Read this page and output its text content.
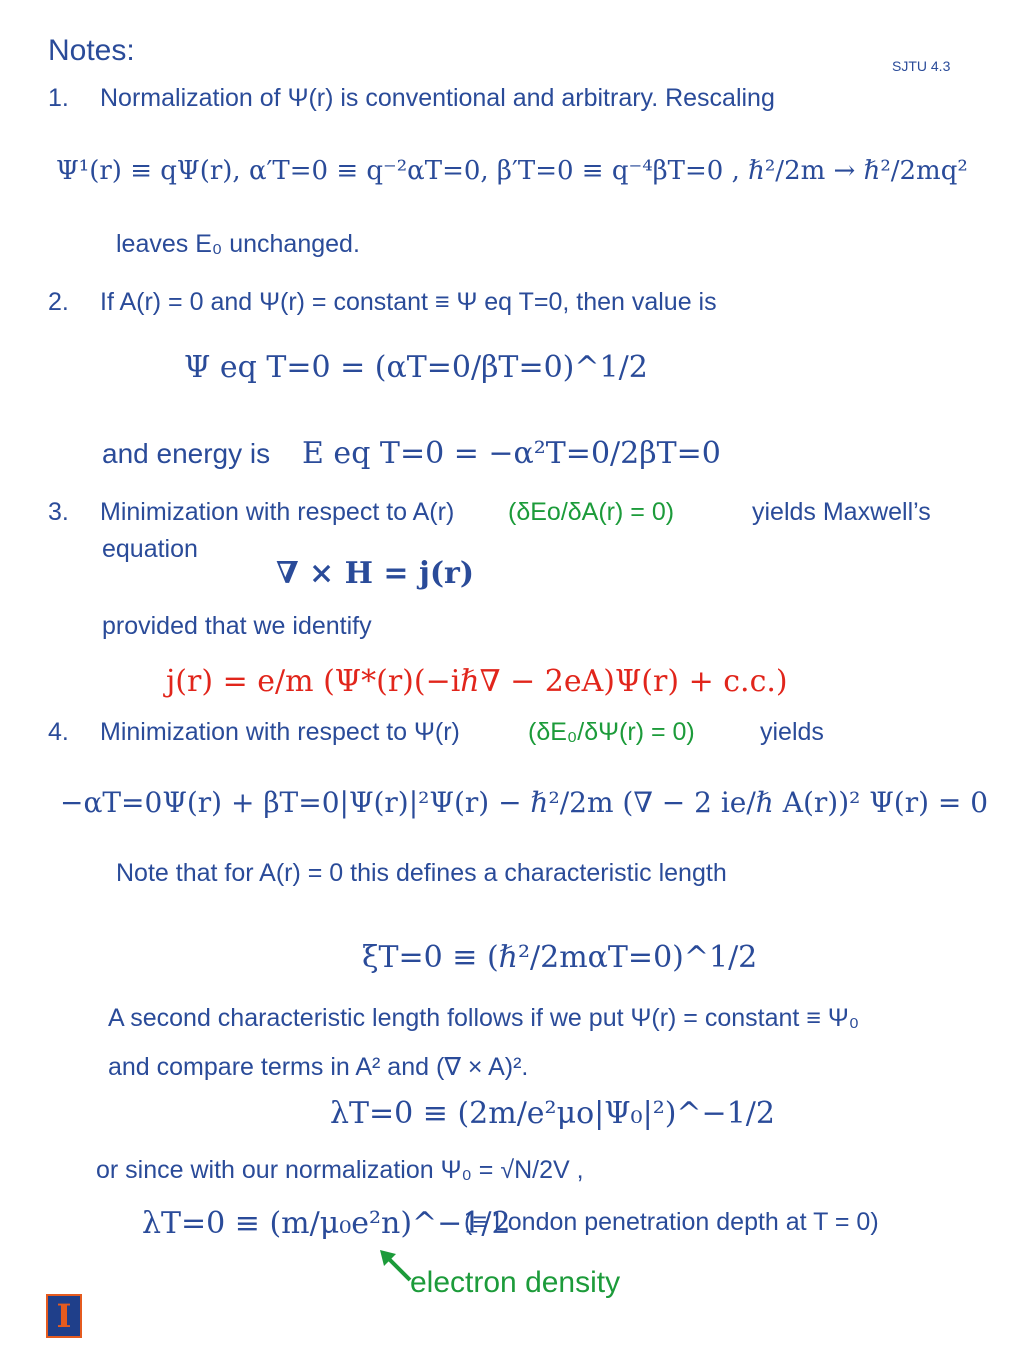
Notes:	SJTU 4.3
1. Normalization of Ψ(r) is conventional and arbitrary. Rescaling
Ψ¹(r) ≡ qΨ(r), α′T=0 ≡ q⁻²αT=0, β′T=0 ≡ q⁻⁴βT=0 , ℏ²/2m → ℏ²/2mq²
leaves E₀ unchanged.
2. If A(r) = 0 and Ψ(r) = constant ≡ Ψ eq T=0, then value is
Ψ eq T=0 = (αT=0/βT=0)^1/2
and energy is E eq T=0 = −α²T=0/2βT=0
3. Minimization with respect to A(r) (δEo/δA(r) = 0)	yields Maxwell’s
equation
∇ × H = j(r)
provided that we identify
j(r) = e/m (Ψ*(r)(−iℏ∇ − 2eA)Ψ(r) + c.c.)
4. Minimization with respect to Ψ(r)	(δE₀/δΨ(r) = 0)	yields
−αT=0Ψ(r) + βT=0|Ψ(r)|²Ψ(r) − ℏ²/2m (∇ − 2 ie/ℏ A(r))² Ψ(r) = 0
Note that for A(r) = 0 this defines a characteristic length
ξT=0 ≡ (ℏ²/2mαT=0)^1/2
A second characteristic length follows if we put Ψ(r) = constant ≡ Ψ₀
and compare terms in A² and (∇ × A)².
λT=0 ≡ (2m/e²μo|Ψ₀|²)^−1/2
or since with our normalization Ψ₀ = √N/2V ,
λT=0 ≡ (m/μ₀e²n)^−1/2
(≡ London penetration depth at T = 0)
electron density
I
